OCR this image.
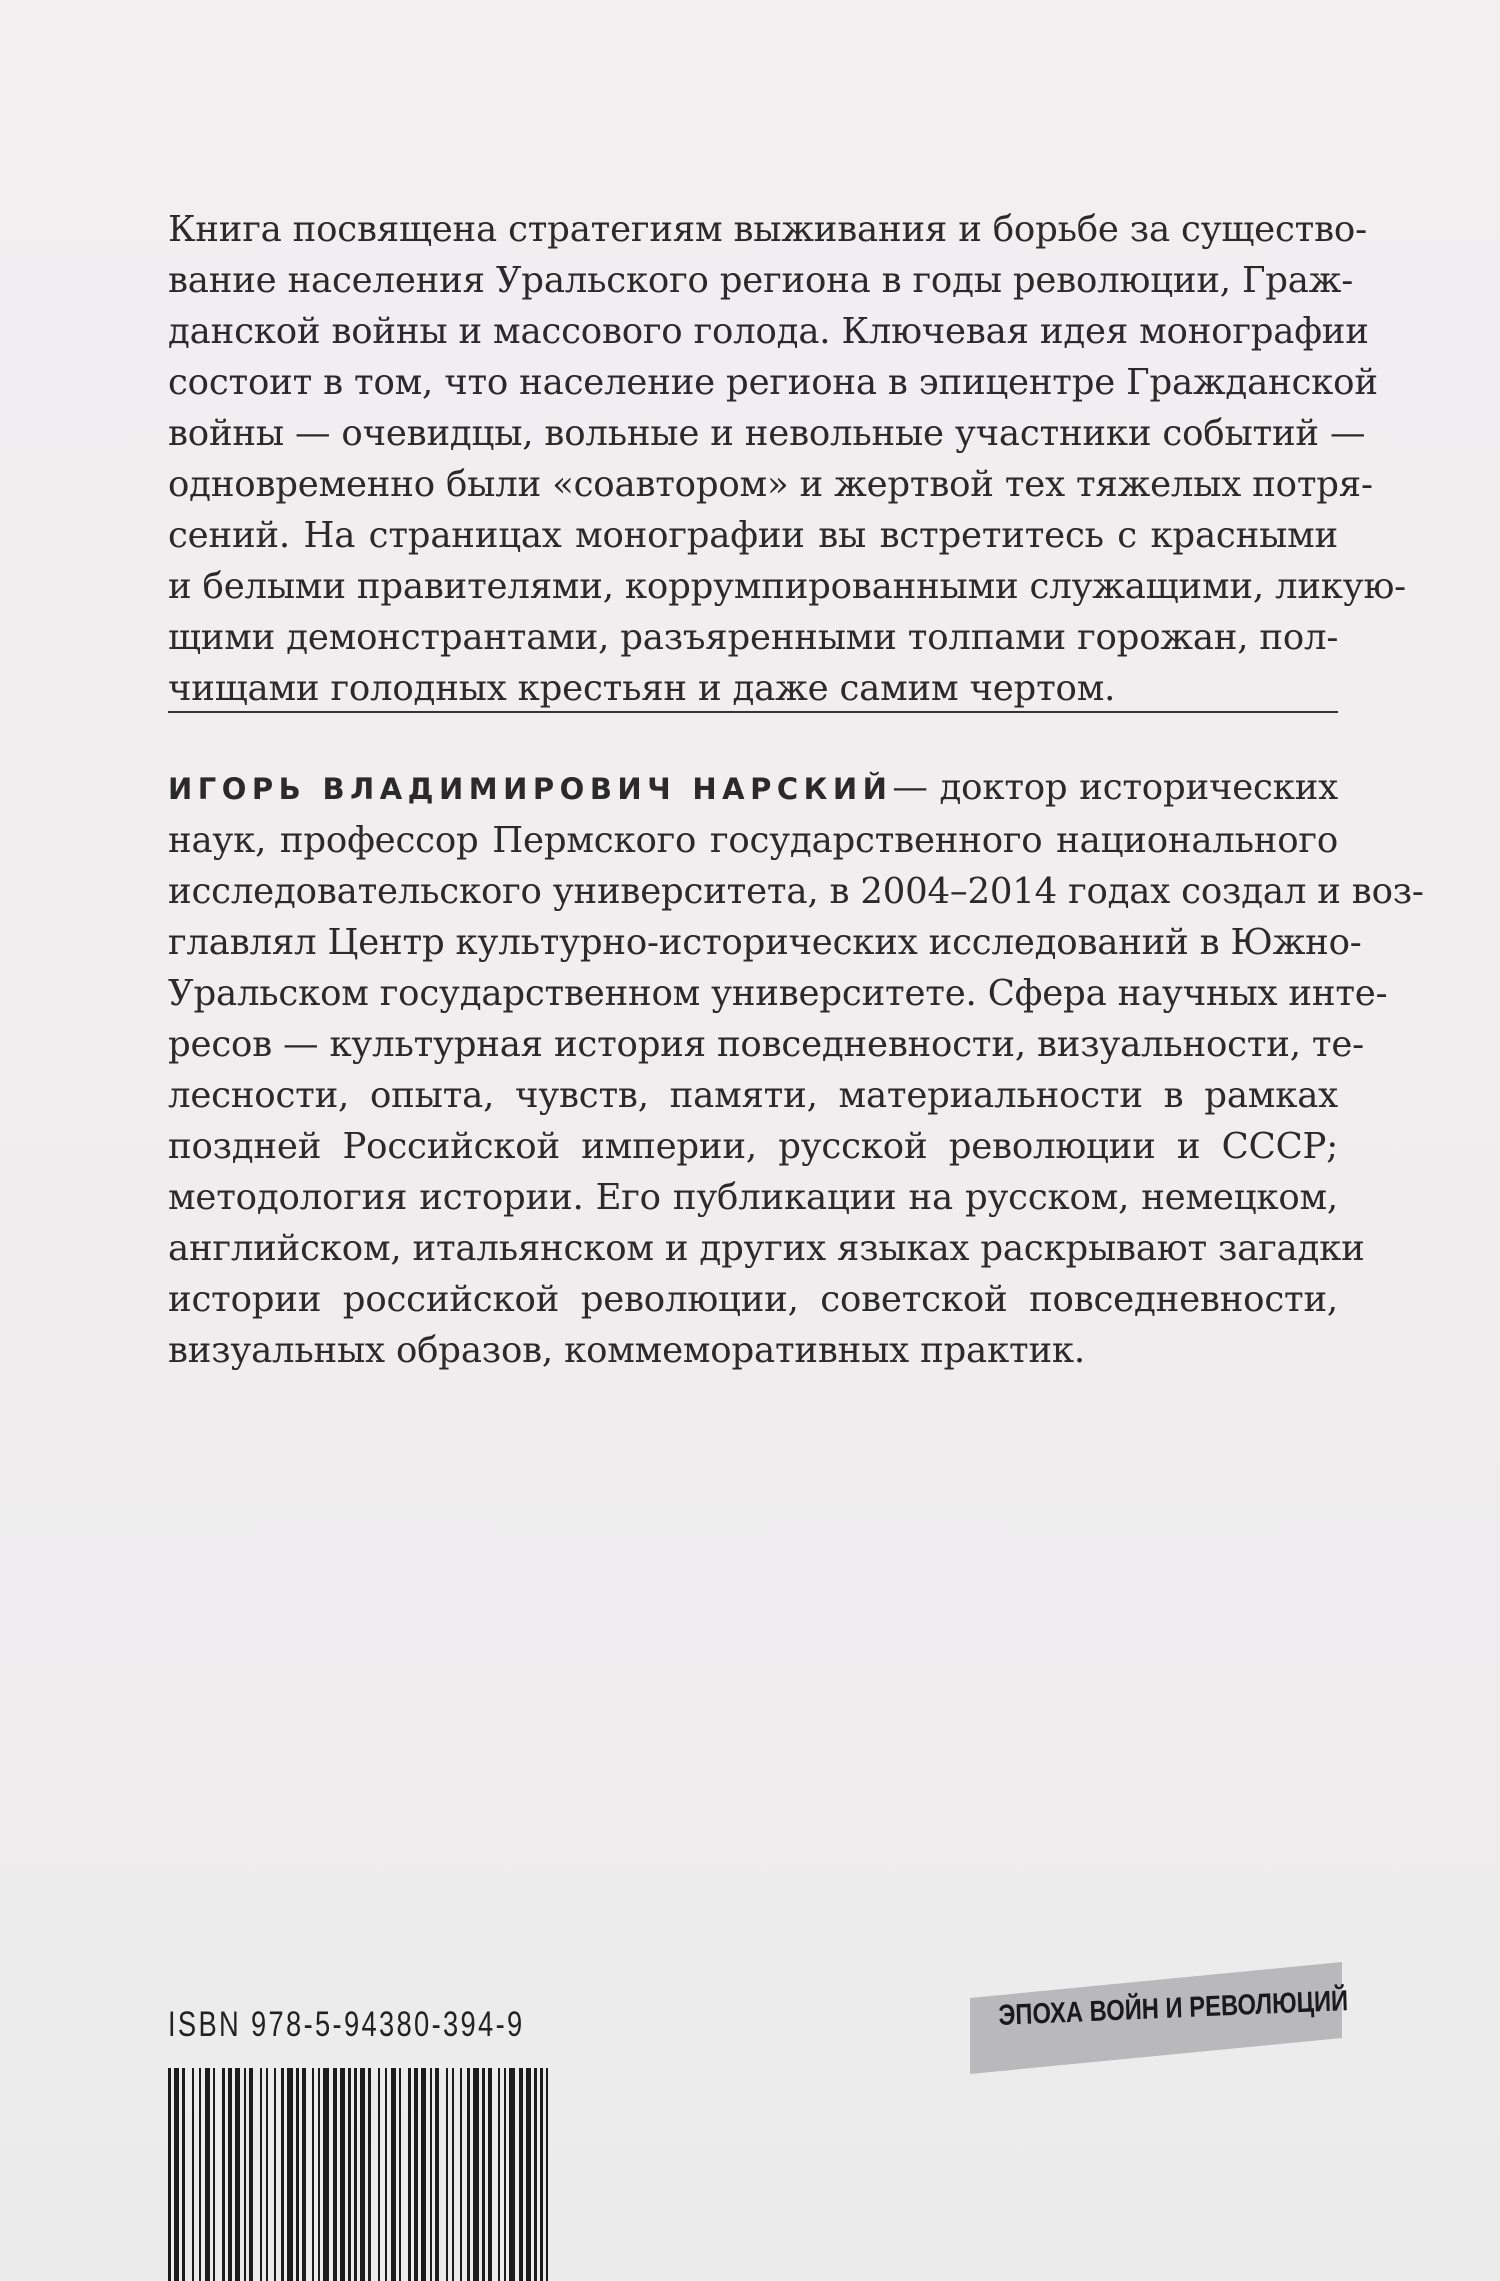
Книга посвящена стратегиям выживания и борьбе за существо-
вание населения Уральского региона в годы революции, Граж-
данской войны и массового голода. Ключевая идея монографии
состоит в том, что население региона в эпицентре Гражданской
войны — очевидцы, вольные и невольные участники событий —
одновременно были «соавтором» и жертвой тех тяжелых потря-
сений. На страницах монографии вы встретитесь с красными
и белыми правителями, коррумпированными служащими, ликую-
щими демонстрантами, разъяренными толпами горожан, пол-
чищами голодных крестьян и даже самим чертом.

ИГОРЬ ВЛАДИМИРОВИЧ НАРСКИЙ— доктор исторических
наук, профессор Пермского государственного национального
исследовательского университета, в 2004–2014 годах создал и воз-
главлял Центр культурно-исторических исследований в Южно-
Уральском государственном университете. Сфера научных инте-
ресов — культурная история повседневности, визуальности, те-
лесности, опыта, чувств, памяти, материальности в рамках
поздней Российской империи, русской революции и СССР;
методология истории. Его публикации на русском, немецком,
английском, итальянском и других языках раскрывают загадки
истории российской революции, советской повседневности,
визуальных образов, коммеморативных практик.
ISBN 978-5-94380-394-9	ЭПОХА ВОЙН И РЕВОЛЮЦИЙ
